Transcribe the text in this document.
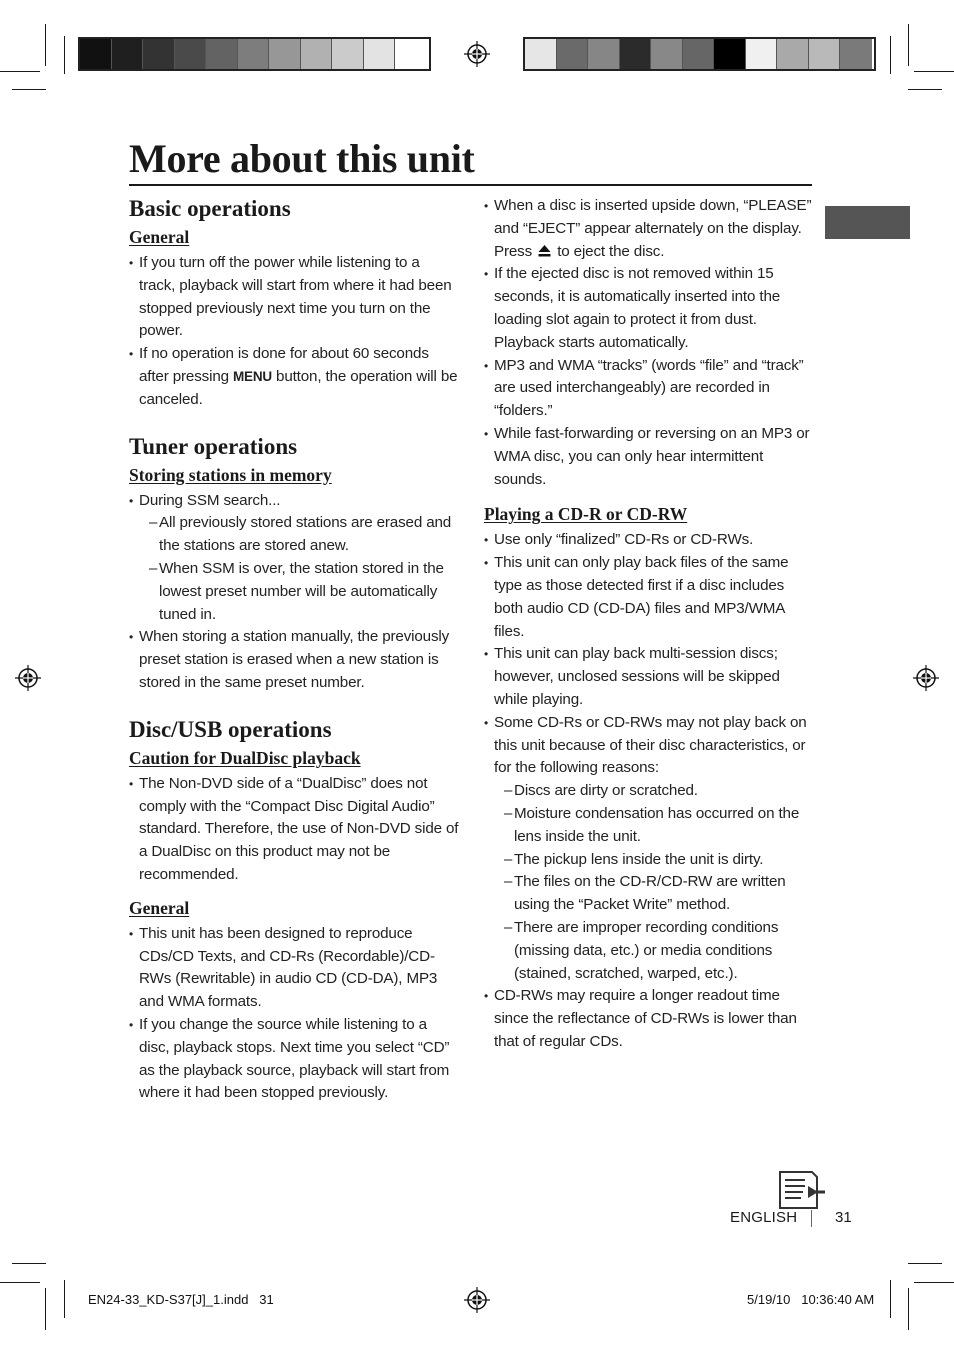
More about this unit
Basic operations
General
• If you turn off the power while listening to a track, playback will start from where it had been stopped previously next time you turn on the power.
• If no operation is done for about 60 seconds after pressing MENU button, the operation will be canceled.
Tuner operations
Storing stations in memory
• During SSM search...
– All previously stored stations are erased and the stations are stored anew.
– When SSM is over, the station stored in the lowest preset number will be automatically tuned in.
• When storing a station manually, the previously preset station is erased when a new station is stored in the same preset number.
Disc/USB operations
Caution for DualDisc playback
• The Non-DVD side of a “DualDisc” does not comply with the “Compact Disc Digital Audio” standard. Therefore, the use of Non-DVD side of a DualDisc on this product may not be recommended.
General
• This unit has been designed to reproduce CDs/CD Texts, and CD-Rs (Recordable)/CD-RWs (Rewritable) in audio CD (CD-DA), MP3 and WMA formats.
• If you change the source while listening to a disc, playback stops. Next time you select “CD” as the playback source, playback will start from where it had been stopped previously.
• When a disc is inserted upside down, “PLEASE” and “EJECT” appear alternately on the display. Press  to eject the disc.
• If the ejected disc is not removed within 15 seconds, it is automatically inserted into the loading slot again to protect it from dust. Playback starts automatically.
• MP3 and WMA “tracks” (words “file” and “track” are used interchangeably) are recorded in “folders.”
• While fast-forwarding or reversing on an MP3 or WMA disc, you can only hear intermittent sounds.
Playing a CD-R or CD-RW
• Use only “finalized” CD-Rs or CD-RWs.
• This unit can only play back files of the same type as those detected first if a disc includes both audio CD (CD-DA) files and MP3/WMA files.
• This unit can play back multi-session discs; however, unclosed sessions will be skipped while playing.
• Some CD-Rs or CD-RWs may not play back on this unit because of their disc characteristics, or for the following reasons:
– Discs are dirty or scratched.
– Moisture condensation has occurred on the lens inside the unit.
– The pickup lens inside the unit is dirty.
– The files on the CD-R/CD-RW are written using the “Packet Write” method.
– There are improper recording conditions (missing data, etc.) or media conditions (stained, scratched, warped, etc.).
• CD-RWs may require a longer readout time since the reflectance of CD-RWs is lower than that of regular CDs.
ENGLISH	31
EN24-33_KD-S37[J]_1.indd   31	5/19/10   10:36:40 AM
